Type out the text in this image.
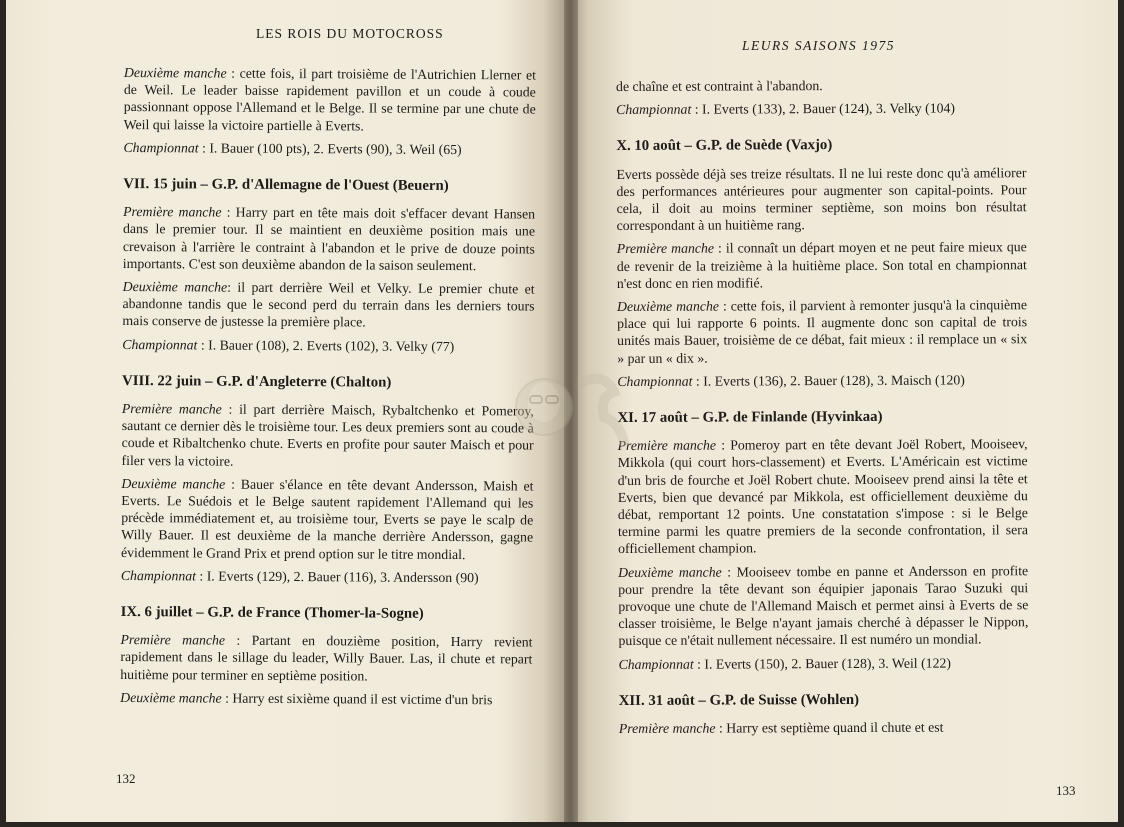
LES ROIS DU MOTOCROSS

Deuxième manche : cette fois, il part troisième de l'Autrichien Llerner et de Weil. Le leader baisse rapidement pavillon et un coude à coude passionnant oppose l'Allemand et le Belge. Il se termine par une chute de Weil qui laisse la victoire partielle à Everts.

Championnat : I. Bauer (100 pts), 2. Everts (90), 3. Weil (65)

VII. 15 juin – G.P. d'Allemagne de l'Ouest (Beuern)

Première manche : Harry part en tête mais doit s'effacer devant Hansen dans le premier tour. Il se maintient en deuxième position mais une crevaison à l'arrière le contraint à l'abandon et le prive de douze points importants. C'est son deuxième abandon de la saison seulement.

Deuxième manche: il part derrière Weil et Velky. Le premier chute et abandonne tandis que le second perd du terrain dans les derniers tours mais conserve de justesse la première place.

Championnat : I. Bauer (108), 2. Everts (102), 3. Velky (77)

VIII. 22 juin – G.P. d'Angleterre (Chalton)

Première manche : il part derrière Maisch, Rybaltchenko et Pomeroy, sautant ce dernier dès le troisième tour. Les deux premiers sont au coude à coude et Ribaltchenko chute. Everts en profite pour sauter Maisch et pour filer vers la victoire.

Deuxième manche : Bauer s'élance en tête devant Andersson, Maish et Everts. Le Suédois et le Belge sautent rapidement l'Allemand qui les précède immédiatement et, au troisième tour, Everts se paye le scalp de Willy Bauer. Il est deuxième de la manche derrière Andersson, gagne évidemment le Grand Prix et prend option sur le titre mondial.

Championnat : I. Everts (129), 2. Bauer (116), 3. Andersson (90)

IX. 6 juillet – G.P. de France (Thomer-la-Sogne)

Première manche : Partant en douzième position, Harry revient rapidement dans le sillage du leader, Willy Bauer. Las, il chute et repart huitième pour terminer en septième position.

Deuxième manche : Harry est sixième quand il est victime d'un bris

132
LEURS SAISONS 1975

de chaîne et est contraint à l'abandon.

Championnat : I. Everts (133), 2. Bauer (124), 3. Velky (104)

X. 10 août – G.P. de Suède (Vaxjo)

Everts possède déjà ses treize résultats. Il ne lui reste donc qu'à améliorer des performances antérieures pour augmenter son capital-points. Pour cela, il doit au moins terminer septième, son moins bon résultat correspondant à un huitième rang.

Première manche : il connaît un départ moyen et ne peut faire mieux que de revenir de la treizième à la huitième place. Son total en championnat n'est donc en rien modifié.

Deuxième manche : cette fois, il parvient à remonter jusqu'à la cinquième place qui lui rapporte 6 points. Il augmente donc son capital de trois unités mais Bauer, troisième de ce débat, fait mieux : il remplace un « six » par un « dix ».

Championnat : I. Everts (136), 2. Bauer (128), 3. Maisch (120)

XI. 17 août – G.P. de Finlande (Hyvinkaa)

Première manche : Pomeroy part en tête devant Joël Robert, Mooiseev, Mikkola (qui court hors-classement) et Everts. L'Américain est victime d'un bris de fourche et Joël Robert chute. Mooiseev prend ainsi la tête et Everts, bien que devancé par Mikkola, est officiellement deuxième du débat, remportant 12 points. Une constatation s'impose : si le Belge termine parmi les quatre premiers de la seconde confrontation, il sera officiellement champion.

Deuxième manche : Mooiseev tombe en panne et Andersson en profite pour prendre la tête devant son équipier japonais Tarao Suzuki qui provoque une chute de l'Allemand Maisch et permet ainsi à Everts de se classer troisième, le Belge n'ayant jamais cherché à dépasser le Nippon, puisque ce n'était nullement nécessaire. Il est numéro un mondial.

Championnat : I. Everts (150), 2. Bauer (128), 3. Weil (122)

XII. 31 août – G.P. de Suisse (Wohlen)

Première manche : Harry est septième quand il chute et est

133
